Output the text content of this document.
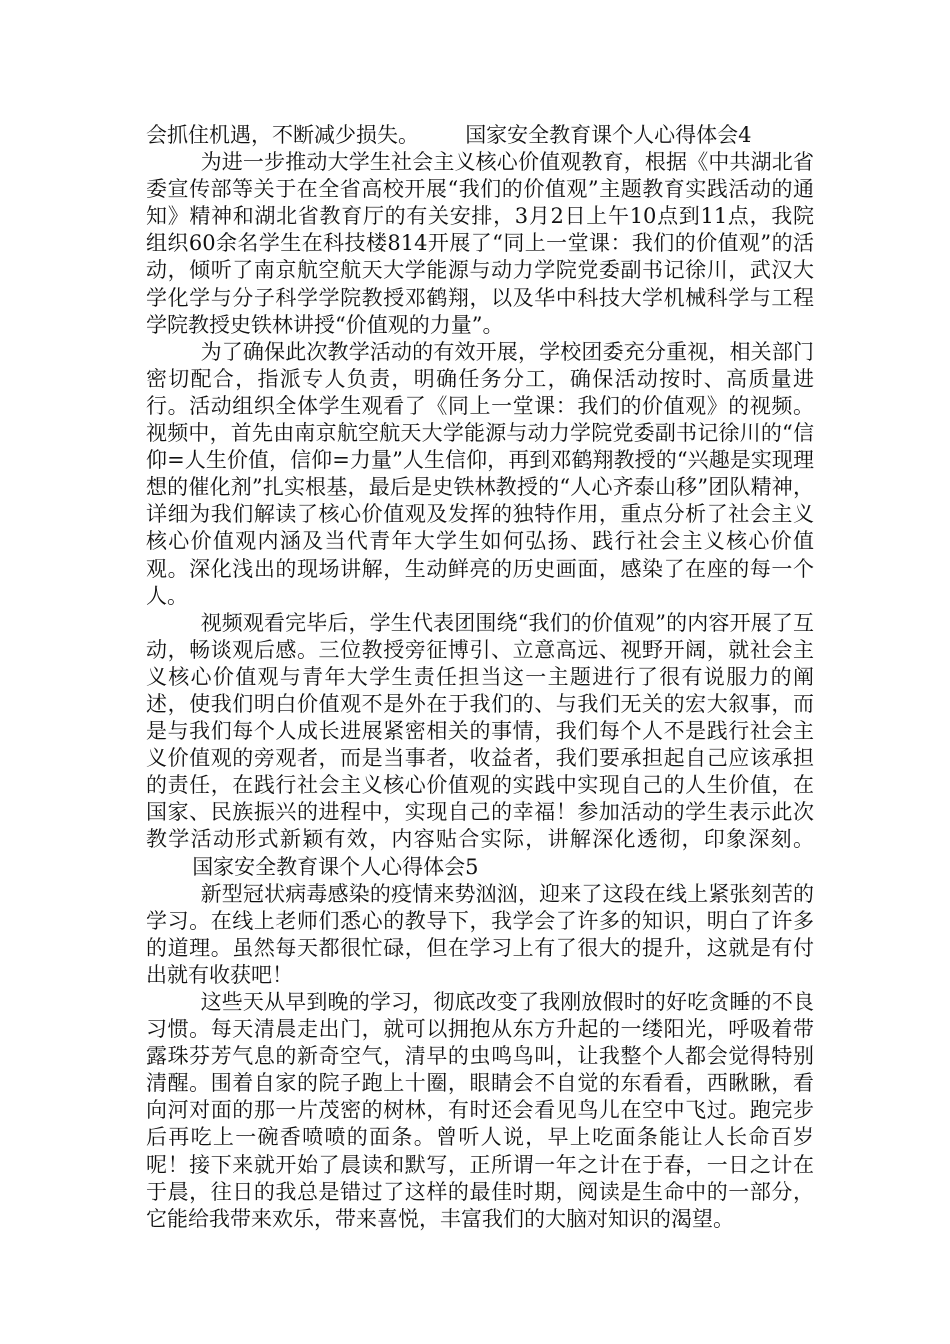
会抓住机遇，不断减少损失。 国家安全教育课个人心得体会4

为进一步推动大学生社会主义核心价值观教育，根据《中共湖北省委宣传部等关于在全省高校开展“我们的价值观”主题教育实践活动的通知》精神和湖北省教育厅的有关安排，3月2日上午10点到11点，我院组织60余名学生在科技楼814开展了“同上一堂课：我们的价值观”的活动，倾听了南京航空航天大学能源与动力学院党委副书记徐川，武汉大学化学与分子科学学院教授邓鹤翔，以及华中科技大学机械科学与工程学院教授史铁林讲授“价值观的力量”。

为了确保此次教学活动的有效开展，学校团委充分重视，相关部门密切配合，指派专人负责，明确任务分工，确保活动按时、高质量进行。活动组织全体学生观看了《同上一堂课：我们的价值观》的视频。视频中，首先由南京航空航天大学能源与动力学院党委副书记徐川的“信仰=人生价值，信仰=力量”人生信仰，再到邓鹤翔教授的“兴趣是实现理想的催化剂”扎实根基，最后是史铁林教授的“人心齐泰山移”团队精神，详细为我们解读了核心价值观及发挥的独特作用，重点分析了社会主义核心价值观内涵及当代青年大学生如何弘扬、践行社会主义核心价值观。深化浅出的现场讲解，生动鲜亮的历史画面，感染了在座的每一个人。

视频观看完毕后，学生代表团围绕“我们的价值观”的内容开展了互动，畅谈观后感。三位教授旁征博引、立意高远、视野开阔，就社会主义核心价值观与青年大学生责任担当这一主题进行了很有说服力的阐述，使我们明白价值观不是外在于我们的、与我们无关的宏大叙事，而是与我们每个人成长进展紧密相关的事情，我们每个人不是践行社会主义价值观的旁观者，而是当事者，收益者，我们要承担起自己应该承担的责任，在践行社会主义核心价值观的实践中实现自己的人生价值，在国家、民族振兴的进程中，实现自己的幸福！参加活动的学生表示此次教学活动形式新颖有效，内容贴合实际，讲解深化透彻，印象深刻。国家安全教育课个人心得体会5

新型冠状病毒感染的疫情来势汹汹，迎来了这段在线上紧张刻苦的学习。在线上老师们悉心的教导下，我学会了许多的知识，明白了许多的道理。虽然每天都很忙碌，但在学习上有了很大的提升，这就是有付出就有收获吧！

这些天从早到晚的学习，彻底改变了我刚放假时的好吃贪睡的不良习惯。每天清晨走出门，就可以拥抱从东方升起的一缕阳光，呼吸着带露珠芬芳气息的新奇空气，清早的虫鸣鸟叫，让我整个人都会觉得特别清醒。围着自家的院子跑上十圈，眼睛会不自觉的东看看，西瞅瞅，看向河对面的那一片茂密的树林，有时还会看见鸟儿在空中飞过。跑完步后再吃上一碗香喷喷的面条。曾听人说，早上吃面条能让人长命百岁呢！接下来就开始了晨读和默写，正所谓一年之计在于春，一日之计在于晨，往日的我总是错过了这样的最佳时期，阅读是生命中的一部分，它能给我带来欢乐，带来喜悦，丰富我们的大脑对知识的渴望。
